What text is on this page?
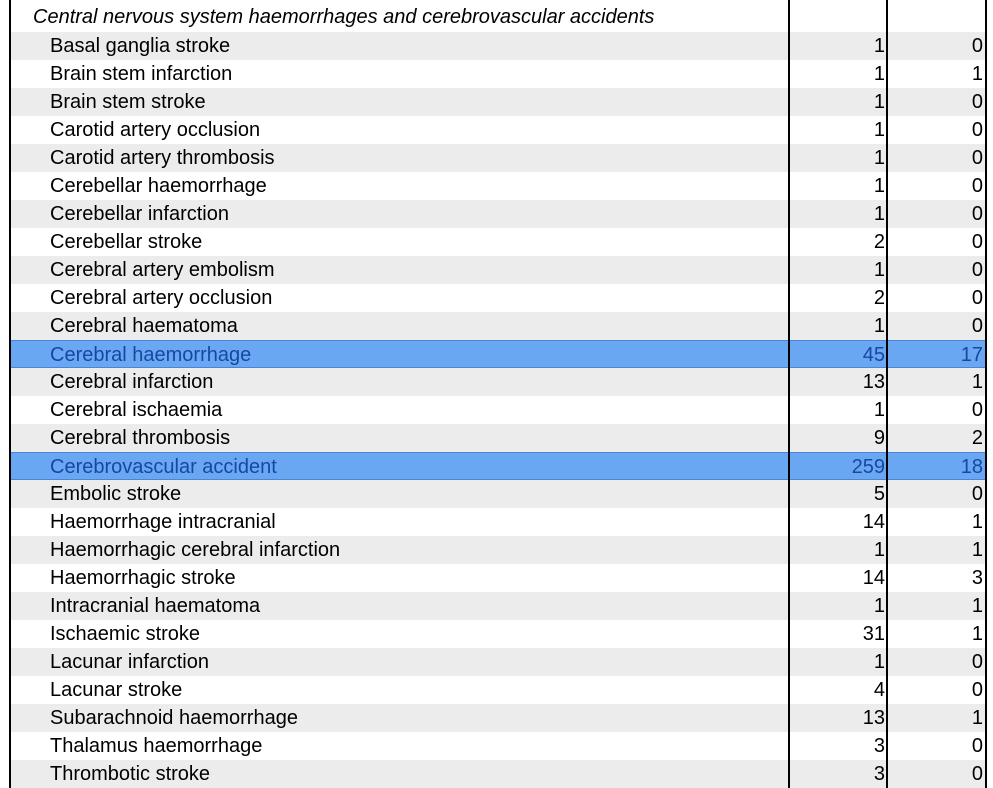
Central nervous system haemorrhages and cerebrovascular accidents
Basal ganglia stroke	1	0
Brain stem infarction	1	1
Brain stem stroke	1	0
Carotid artery occlusion	1	0
Carotid artery thrombosis	1	0
Cerebellar haemorrhage	1	0
Cerebellar infarction	1	0
Cerebellar stroke	2	0
Cerebral artery embolism	1	0
Cerebral artery occlusion	2	0
Cerebral haematoma	1	0
Cerebral haemorrhage	45	17
Cerebral infarction	13	1
Cerebral ischaemia	1	0
Cerebral thrombosis	9	2
Cerebrovascular accident	259	18
Embolic stroke	5	0
Haemorrhage intracranial	14	1
Haemorrhagic cerebral infarction	1	1
Haemorrhagic stroke	14	3
Intracranial haematoma	1	1
Ischaemic stroke	31	1
Lacunar infarction	1	0
Lacunar stroke	4	0
Subarachnoid haemorrhage	13	1
Thalamus haemorrhage	3	0
Thrombotic stroke	3	0
